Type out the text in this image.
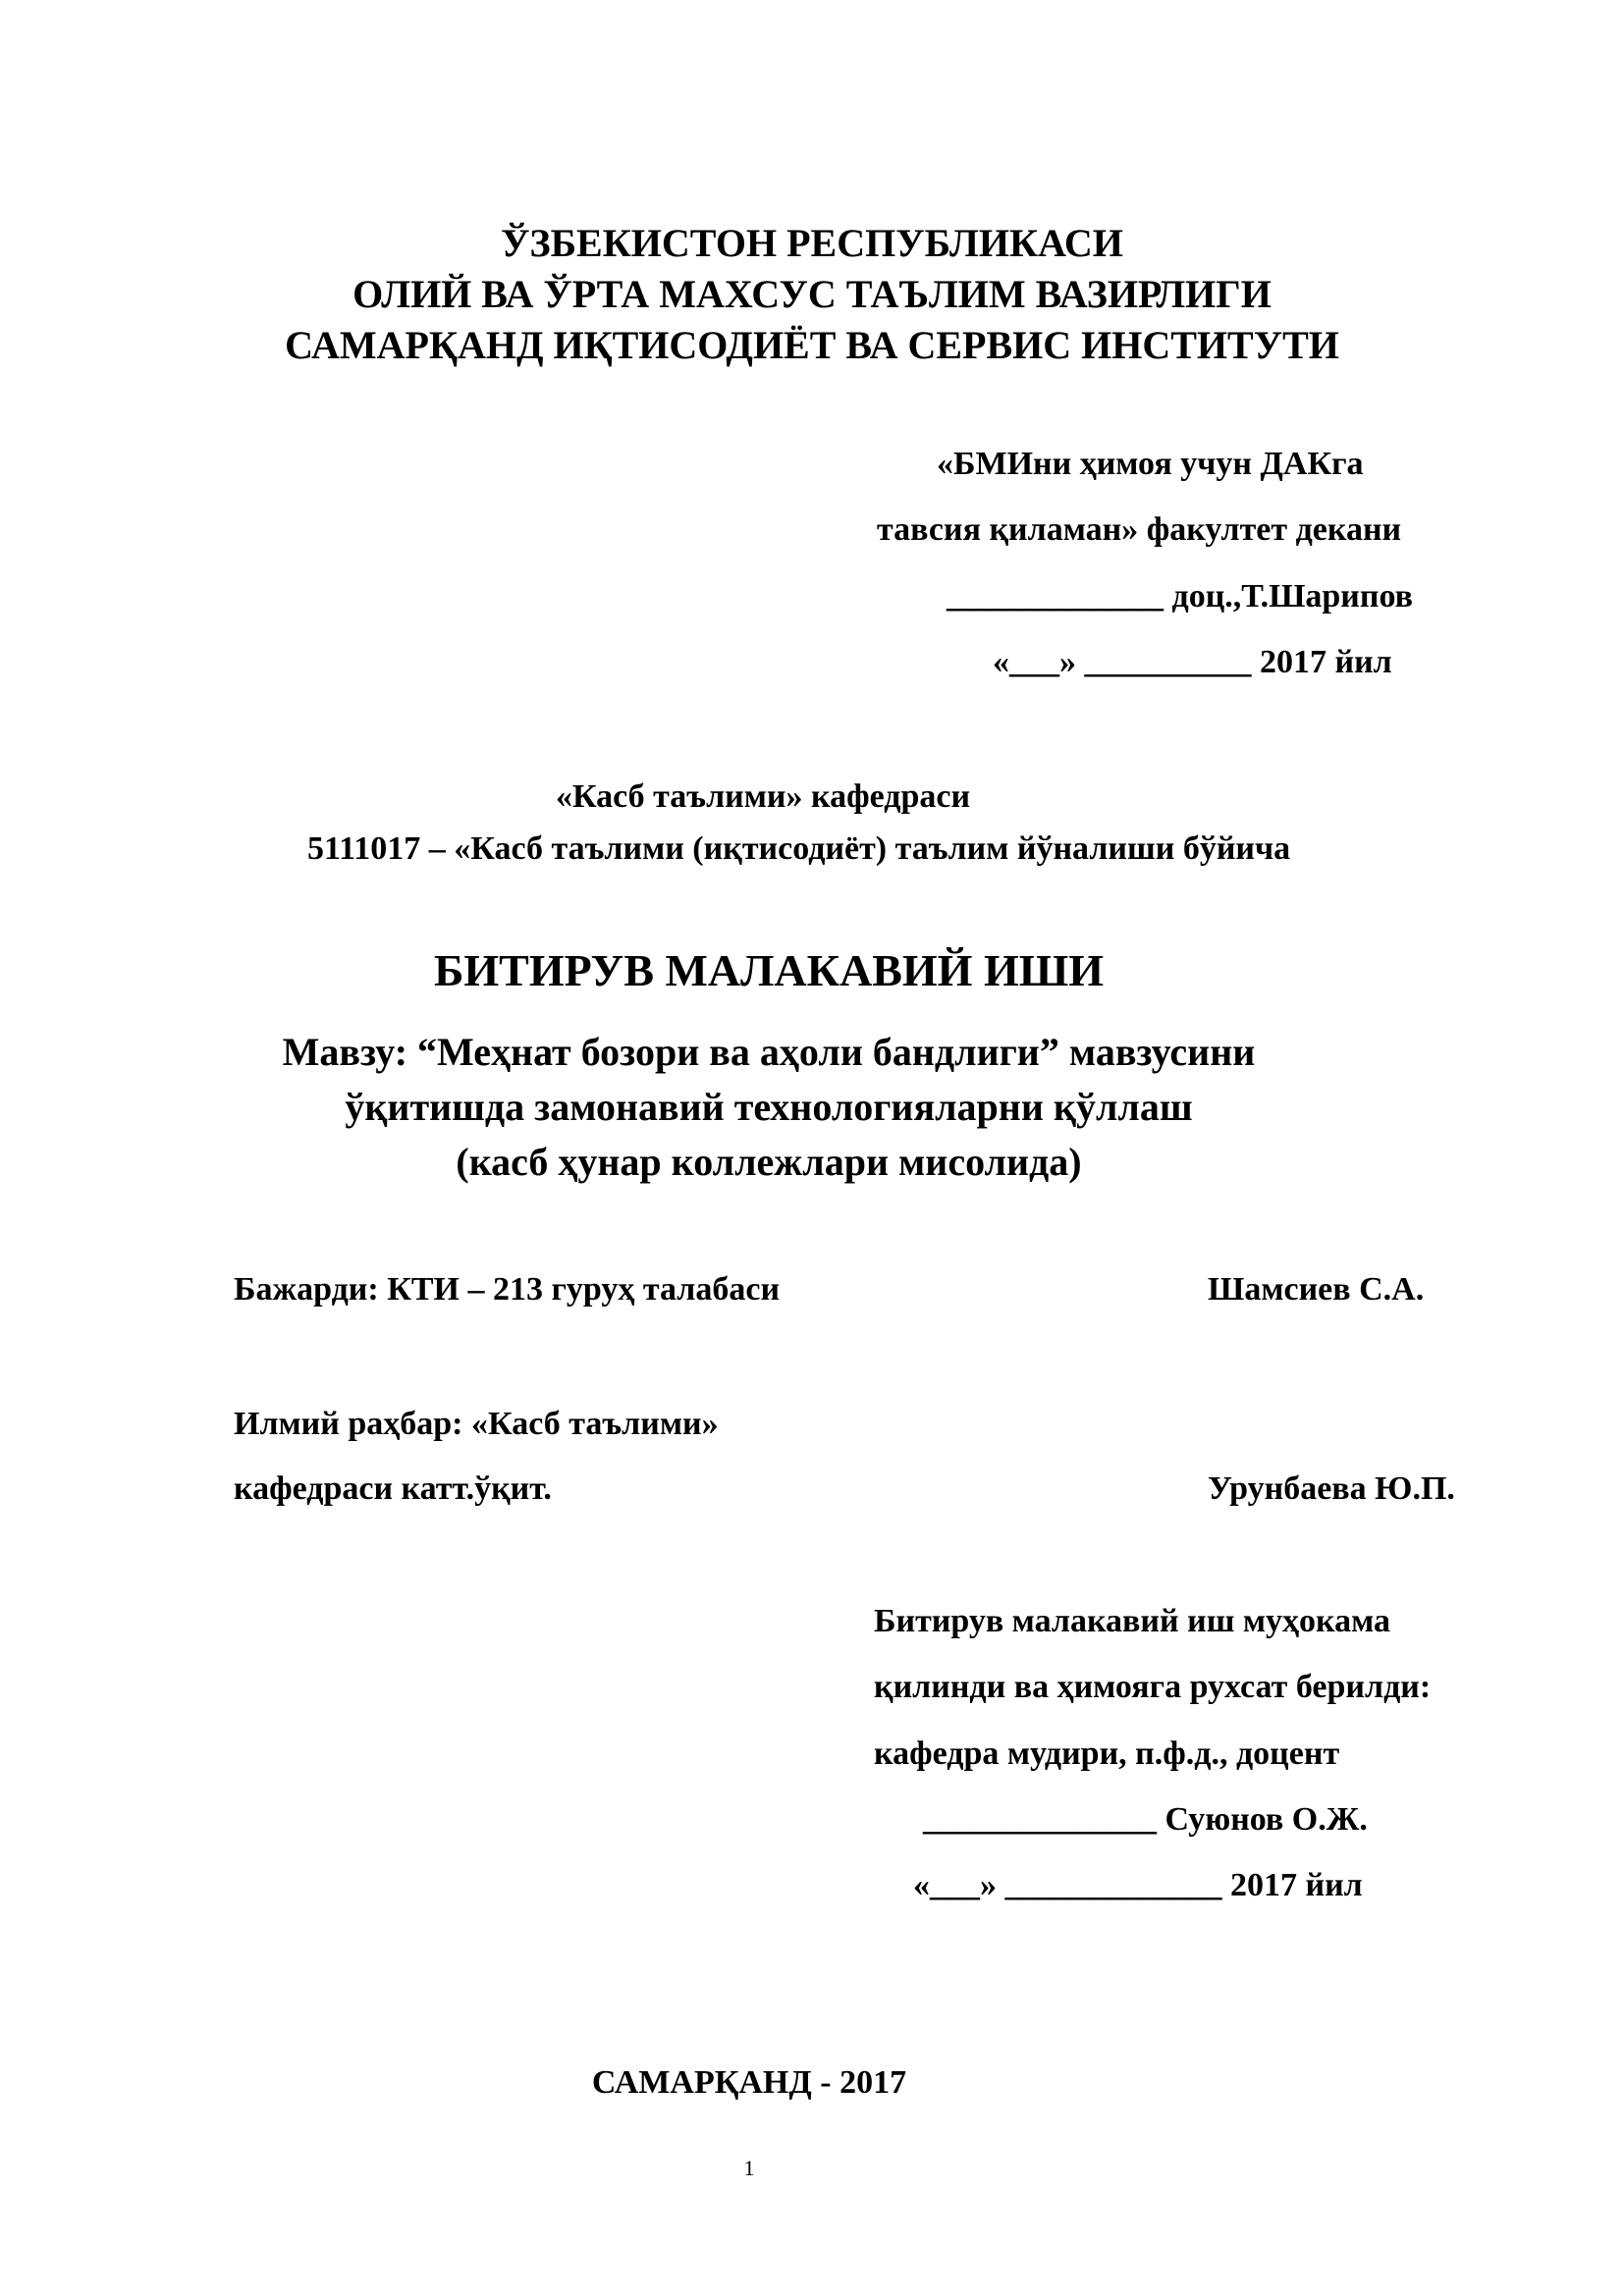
ЎЗБЕКИСТОН РЕСПУБЛИКАСИ
ОЛИЙ ВА ЎРТА МАХСУС ТАЪЛИМ ВАЗИРЛИГИ
САМАРҚАНД ИҚТИСОДИЁТ ВА СЕРВИС ИНСТИТУТИ
«БМИни ҳимоя учун ДАКга
тавсия қиламан» факултет декани
_____________ доц.,Т.Шарипов
«___» __________ 2017 йил
«Касб таълими» кафедраси
5111017 – «Касб таълими (иқтисодиёт) таълим йўналиши бўйича
БИТИРУВ МАЛАКАВИЙ ИШИ
Мавзу: “Меҳнат бозори ва аҳоли бандлиги” мавзусини
ўқитишда замонавий технологияларни қўллаш
(касб ҳунар коллежлари мисолида)
Бажарди: КТИ – 213 гуруҳ талабаси	Шамсиев С.А.
Илмий раҳбар: «Касб таълими»
кафедраси катт.ўқит.	Урунбаева Ю.П.
Битирув малакавий иш муҳокама
қилинди ва ҳимояга рухсат берилди:
кафедра мудири, п.ф.д., доцент
______________ Суюнов О.Ж.
«___» _____________ 2017 йил
САМАРҚАНД - 2017
1
